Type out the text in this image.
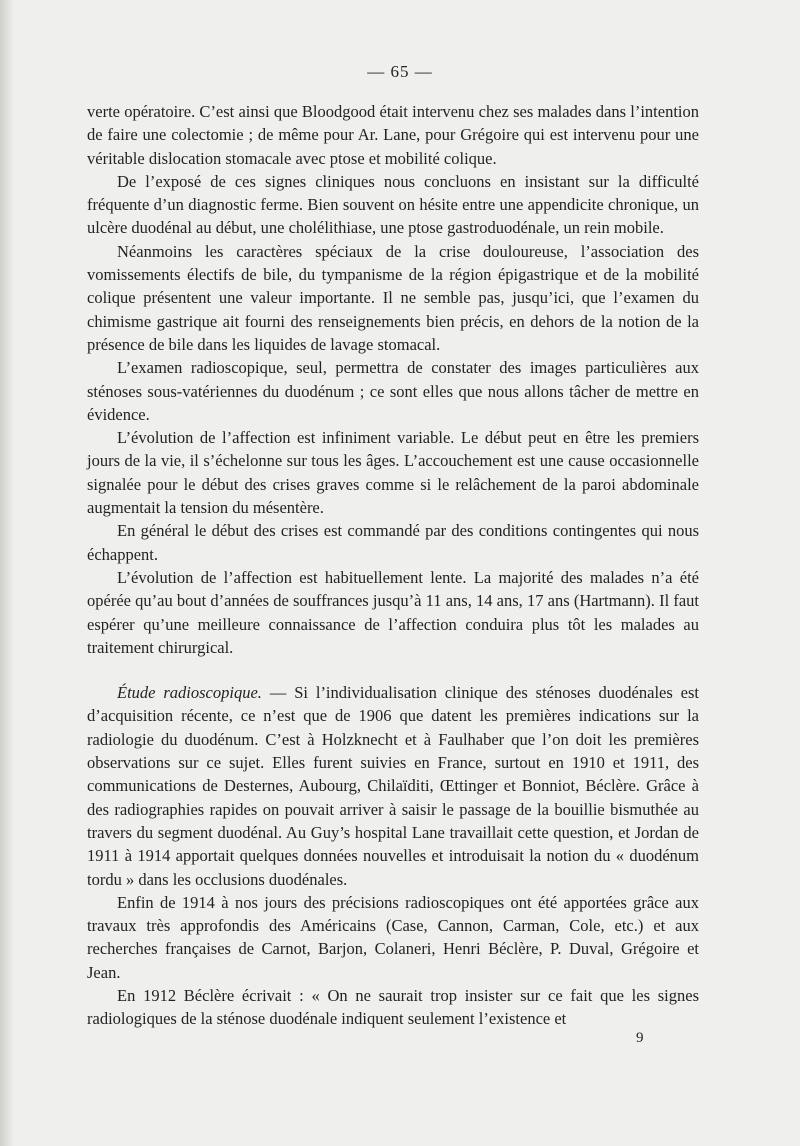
— 65 —

verte opératoire. C’est ainsi que Bloodgood était intervenu chez ses malades dans l’intention de faire une colectomie ; de même pour Ar. Lane, pour Grégoire qui est intervenu pour une véritable dislocation stomacale avec ptose et mobilité colique.

De l’exposé de ces signes cliniques nous concluons en insistant sur la difficulté fréquente d’un diagnostic ferme. Bien souvent on hésite entre une appendicite chronique, un ulcère duodénal au début, une cholélithiase, une ptose gastroduodénale, un rein mobile.

Néanmoins les caractères spéciaux de la crise douloureuse, l’association des vomissements électifs de bile, du tympanisme de la région épigastrique et de la mobilité colique présentent une valeur importante. Il ne semble pas, jusqu’ici, que l’examen du chimisme gastrique ait fourni des renseignements bien précis, en dehors de la notion de la présence de bile dans les liquides de lavage stomacal.

L’examen radioscopique, seul, permettra de constater des images particulières aux sténoses sous-vatériennes du duodénum ; ce sont elles que nous allons tâcher de mettre en évidence.

L’évolution de l’affection est infiniment variable. Le début peut en être les premiers jours de la vie, il s’échelonne sur tous les âges. L’accouchement est une cause occasionnelle signalée pour le début des crises graves comme si le relâchement de la paroi abdominale augmentait la tension du mésentère.

En général le début des crises est commandé par des conditions contingentes qui nous échappent.

L’évolution de l’affection est habituellement lente. La majorité des malades n’a été opérée qu’au bout d’années de souffrances jusqu’à 11 ans, 14 ans, 17 ans (Hartmann). Il faut espérer qu’une meilleure connaissance de l’affection conduira plus tôt les malades au traitement chirurgical.

Étude radioscopique. — Si l’individualisation clinique des sténoses duodénales est d’acquisition récente, ce n’est que de 1906 que datent les premières indications sur la radiologie du duodénum. C’est à Holzknecht et à Faulhaber que l’on doit les premières observations sur ce sujet. Elles furent suivies en France, surtout en 1910 et 1911, des communications de Desternes, Aubourg, Chilaïditi, Œttinger et Bonniot, Béclère. Grâce à des radiographies rapides on pouvait arriver à saisir le passage de la bouillie bismuthée au travers du segment duodénal. Au Guy’s hospital Lane travaillait cette question, et Jordan de 1911 à 1914 apportait quelques données nouvelles et introduisait la notion du « duodénum tordu » dans les occlusions duodénales.

Enfin de 1914 à nos jours des précisions radioscopiques ont été apportées grâce aux travaux très approfondis des Américains (Case, Cannon, Carman, Cole, etc.) et aux recherches françaises de Carnot, Barjon, Colaneri, Henri Béclère, P. Duval, Grégoire et Jean.

En 1912 Béclère écrivait : « On ne saurait trop insister sur ce fait que les signes radiologiques de la sténose duodénale indiquent seulement l’existence et

9
